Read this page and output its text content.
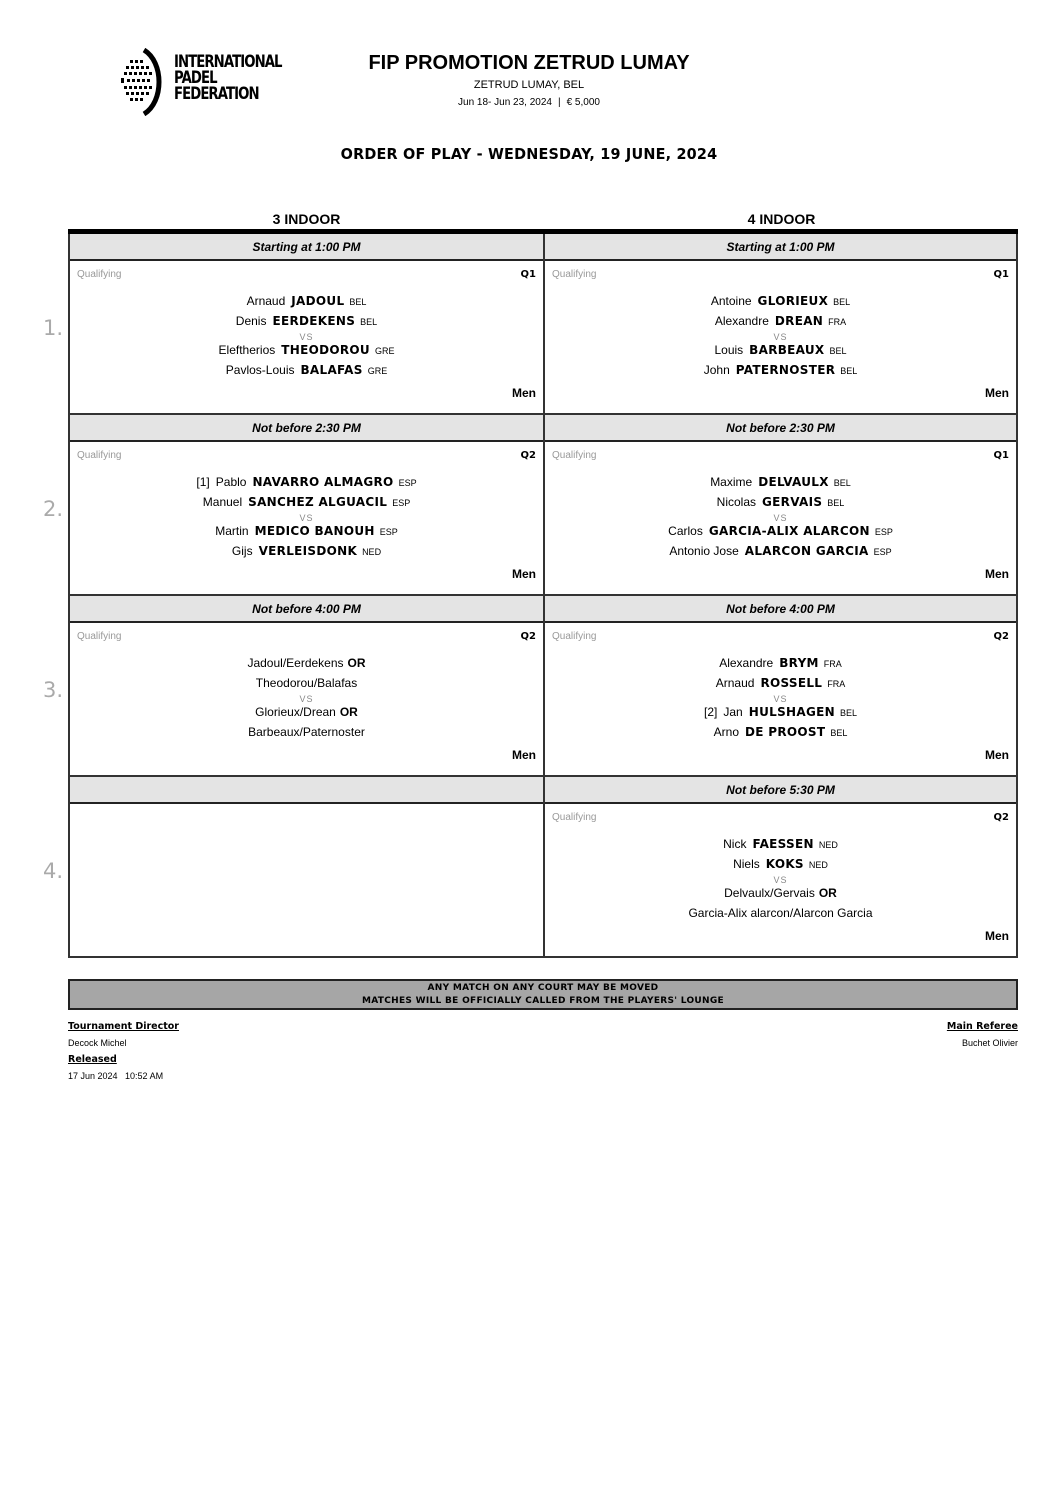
INTERNATIONAL
PADEL
FEDERATION
FIP PROMOTION ZETRUD LUMAY
ZETRUD LUMAY, BEL
Jun 18- Jun 23, 2024 | € 5,000
ORDER OF PLAY - WEDNESDAY, 19 JUNE, 2024
3 INDOOR	4 INDOOR
1.
Starting at 1:00 PM
Qualifying	Q1
Arnaud JADOUL BEL
Denis EERDEKENS BEL
VS
Eleftherios THEODOROU GRE
Pavlos-Louis BALAFAS GRE
Men
Starting at 1:00 PM
Qualifying	Q1
Antoine GLORIEUX BEL
Alexandre DREAN FRA
VS
Louis BARBEAUX BEL
John PATERNOSTER BEL
Men
2.
Not before 2:30 PM
Qualifying	Q2
[1] Pablo NAVARRO ALMAGRO ESP
Manuel SANCHEZ ALGUACIL ESP
VS
Martin MEDICO BANOUH ESP
Gijs VERLEISDONK NED
Men
Not before 2:30 PM
Qualifying	Q1
Maxime DELVAULX BEL
Nicolas GERVAIS BEL
VS
Carlos GARCIA-ALIX ALARCON ESP
Antonio Jose ALARCON GARCIA ESP
Men
3.
Not before 4:00 PM
Qualifying	Q2
Jadoul/Eerdekens OR
Theodorou/Balafas
VS
Glorieux/Drean OR
Barbeaux/Paternoster
Men
Not before 4:00 PM
Qualifying	Q2
Alexandre BRYM FRA
Arnaud ROSSELL FRA
VS
[2] Jan HULSHAGEN BEL
Arno DE PROOST BEL
Men
4.
Not before 5:30 PM
Qualifying	Q2
Nick FAESSEN NED
Niels KOKS NED
VS
Delvaulx/Gervais OR
Garcia-Alix alarcon/Alarcon Garcia
Men
ANY MATCH ON ANY COURT MAY BE MOVED
MATCHES WILL BE OFFICIALLY CALLED FROM THE PLAYERS' LOUNGE
Tournament Director
Decock Michel
Released
17 Jun 2024   10:52 AM
Main Referee
Buchet Olivier
